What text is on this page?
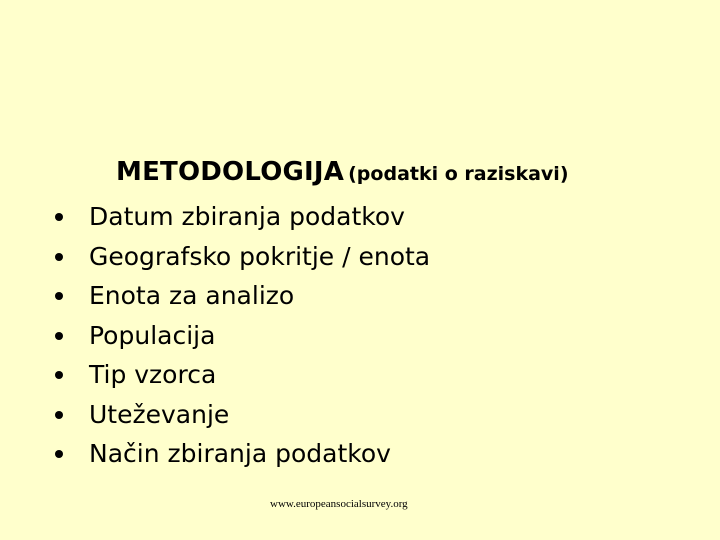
METODOLOGIJA (podatki o raziskavi)
Datum zbiranja podatkov
Geografsko pokritje / enota
Enota za analizo
Populacija
Tip vzorca
Uteževanje
Način zbiranja podatkov
www.europeansocialsurvey.org
